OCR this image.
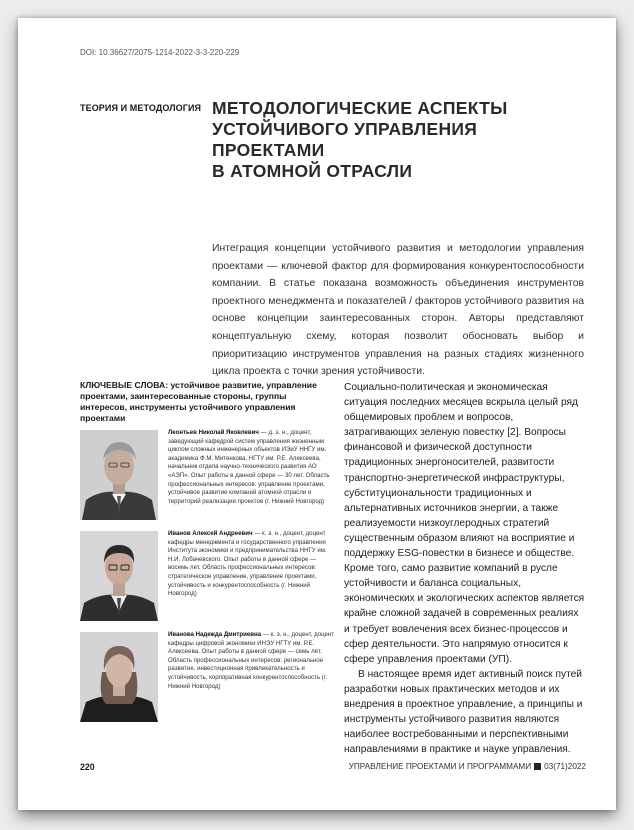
DOI: 10.36627/2075-1214-2022-3-3-220-229
ТЕОРИЯ И МЕТОДОЛОГИЯ МЕТОДОЛОГИЧЕСКИЕ АСПЕКТЫ
УСТОЙЧИВОГО УПРАВЛЕНИЯ ПРОЕКТАМИ
В АТОМНОЙ ОТРАСЛИ
Интеграция концепции устойчивого развития и методологии управления проектами — ключевой фактор для формирования конкурентоспособности компании. В статье показана возможность объединения инструментов проектного менеджмента и показателей / факторов устойчивого развития на основе концепции заинтересованных сторон. Авторы представляют концептуальную схему, которая позволит обосновать выбор и приоритизацию инструментов управления на разных стадиях жизненного цикла проекта с точки зрения устойчивости.
КЛЮЧЕВЫЕ СЛОВА: устойчивое развитие, управление проектами, заинтересованные стороны, группы интересов, инструменты устойчивого управления проектами
Леонтьев Николай Яковлевич — д. э. н., доцент, заведующий кафедрой систем управления жизненным циклом сложных инженерных объектов ИЭиУ ННГУ им. академика Ф.М. Митенкова, НГТУ им. Р.Е. Алексеева, начальник отдела научно-технического развития АО «АЭП». Опыт работы в данной сфере — 30 лет. Область профессиональных интересов: управление проектами, устойчивое развитие компаний атомной отрасли и территорий реализации проектов (г. Нижний Новгород)
Иванов Алексей Андреевич — к. э. н., доцент, доцент кафедры менеджмента и государственного управления Института экономики и предпринимательства ННГУ им. Н.И. Лобачевского. Опыт работы в данной сфере — восемь лет. Область профессиональных интересов: стратегическое управление, управление проектами, устойчивость и конкурентоспособность (г. Нижний Новгород)
Иванова Надежда Дмитриевна — к. э. н., доцент, доцент кафедры цифровой экономики ИНЭУ НГТУ им. Р.Е. Алексеева. Опыт работы в данной сфере — семь лет. Область профессиональных интересов: региональное развитие, инвестиционная привлекательность и устойчивость, корпоративная конкурентоспособность (г. Нижний Новгород)

Социально-политическая и экономическая ситуация последних месяцев вскрыла целый ряд общемировых проблем и вопросов, затрагивающих зеленую повестку [2]. Вопросы финансовой и физической доступности традиционных энергоносителей, развитости транспортно-энергетической инфраструктуры, субституциональности традиционных и альтернативных источников энергии, а также реализуемости низкоуглеродных стратегий существенным образом влияют на восприятие и поддержку ESG-повестки в бизнесе и обществе. Кроме того, само развитие компаний в русле устойчивости и баланса социальных, экономических и экологических аспектов является крайне сложной задачей в современных реалиях и требует вовлечения всех бизнес-процессов и сфер деятельности. Это напрямую относится к сфере управления проектами (УП).

В настоящее время идет активный поиск путей разработки новых практических методов и их внедрения в проектное управление, а принципы и инструменты устойчивого развития являются наиболее востребованными и перспективными направлениями в практике и науке управления.

220	УПРАВЛЕНИЕ ПРОЕКТАМИ И ПРОГРАММАМИ 03(71)2022
